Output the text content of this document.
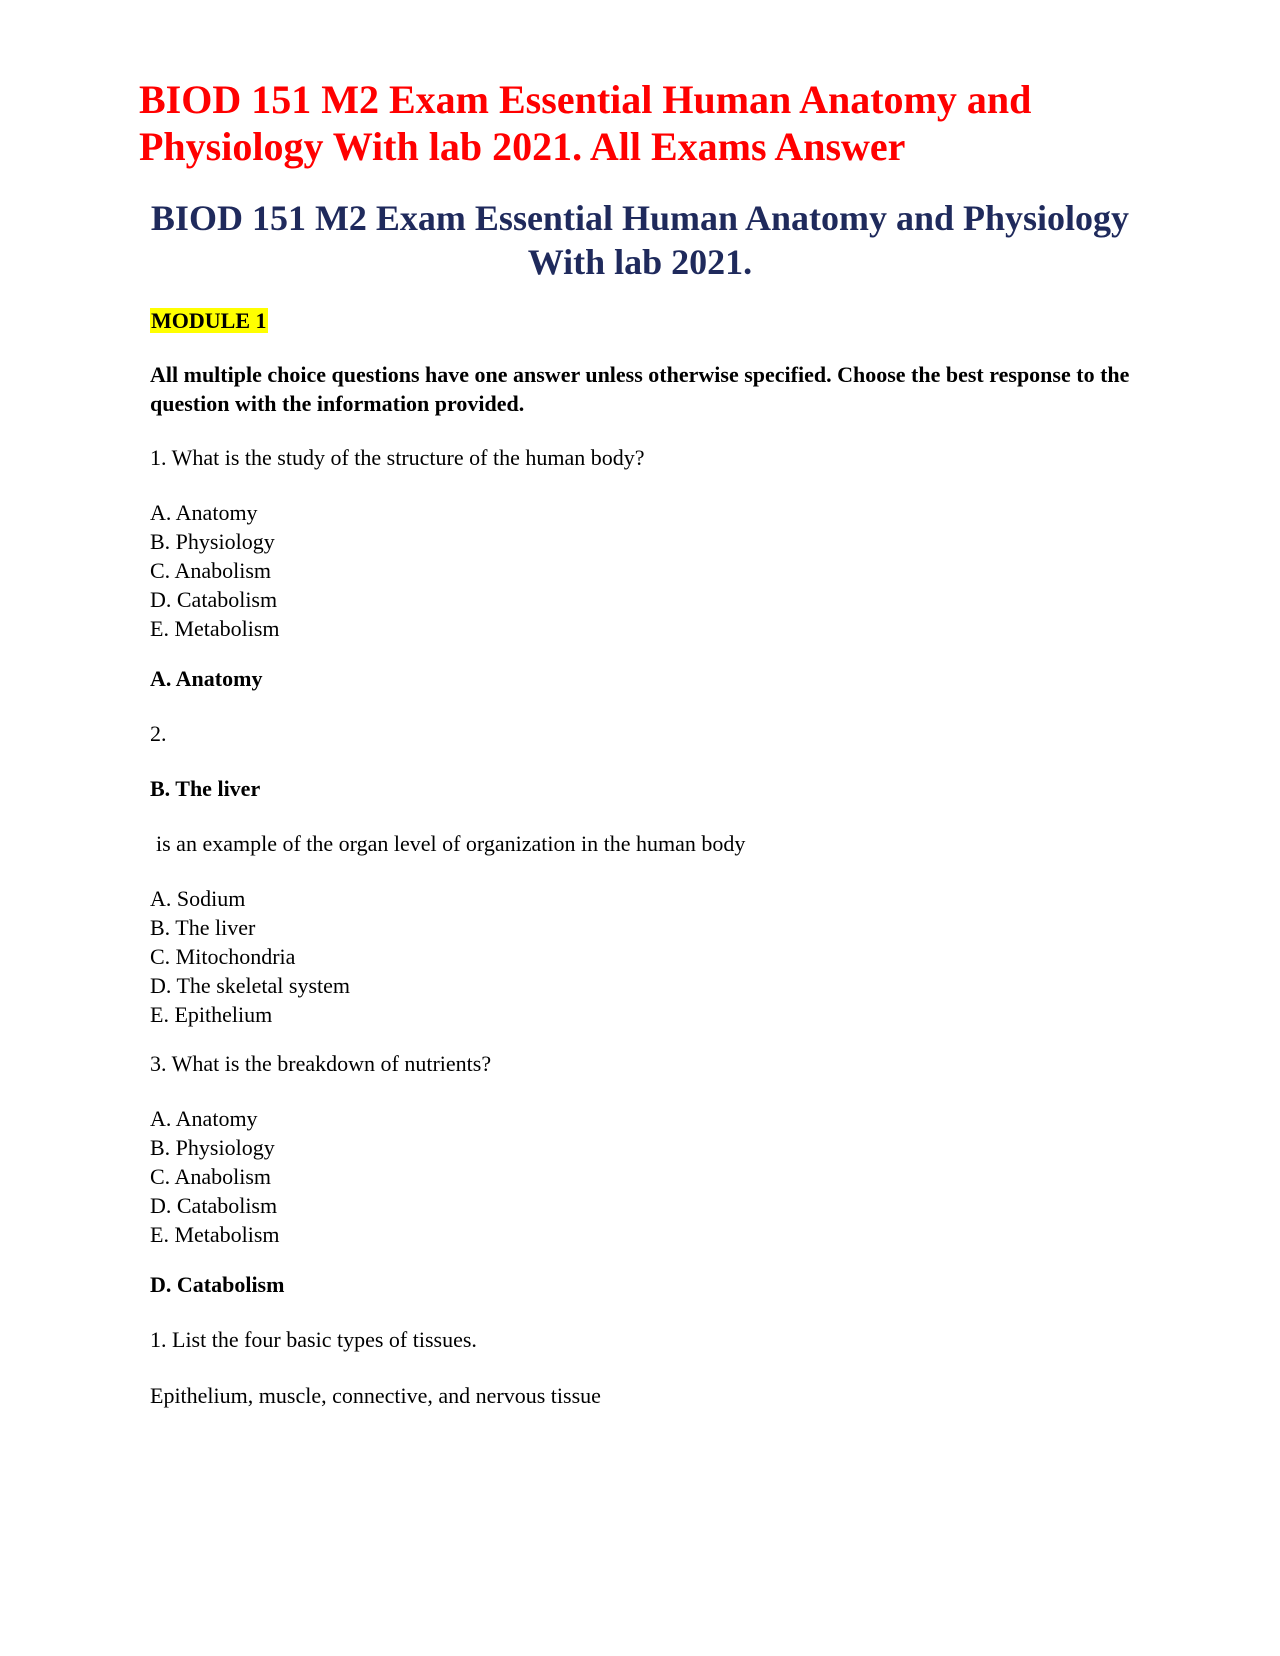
BIOD 151 M2 Exam Essential Human Anatomy and Physiology With lab 2021. All Exams Answer
BIOD 151 M2 Exam Essential Human Anatomy and Physiology With lab 2021.

MODULE 1

All multiple choice questions have one answer unless otherwise specified. Choose the best response to the question with the information provided.

1. What is the study of the structure of the human body?

A. Anatomy
B. Physiology
C. Anabolism
D. Catabolism
E. Metabolism

A. Anatomy

2.

B. The liver

is an example of the organ level of organization in the human body

A. Sodium
B. The liver
C. Mitochondria
D. The skeletal system
E. Epithelium

3. What is the breakdown of nutrients?

A. Anatomy
B. Physiology
C. Anabolism
D. Catabolism
E. Metabolism

D. Catabolism

1. List the four basic types of tissues.

Epithelium, muscle, connective, and nervous tissue
